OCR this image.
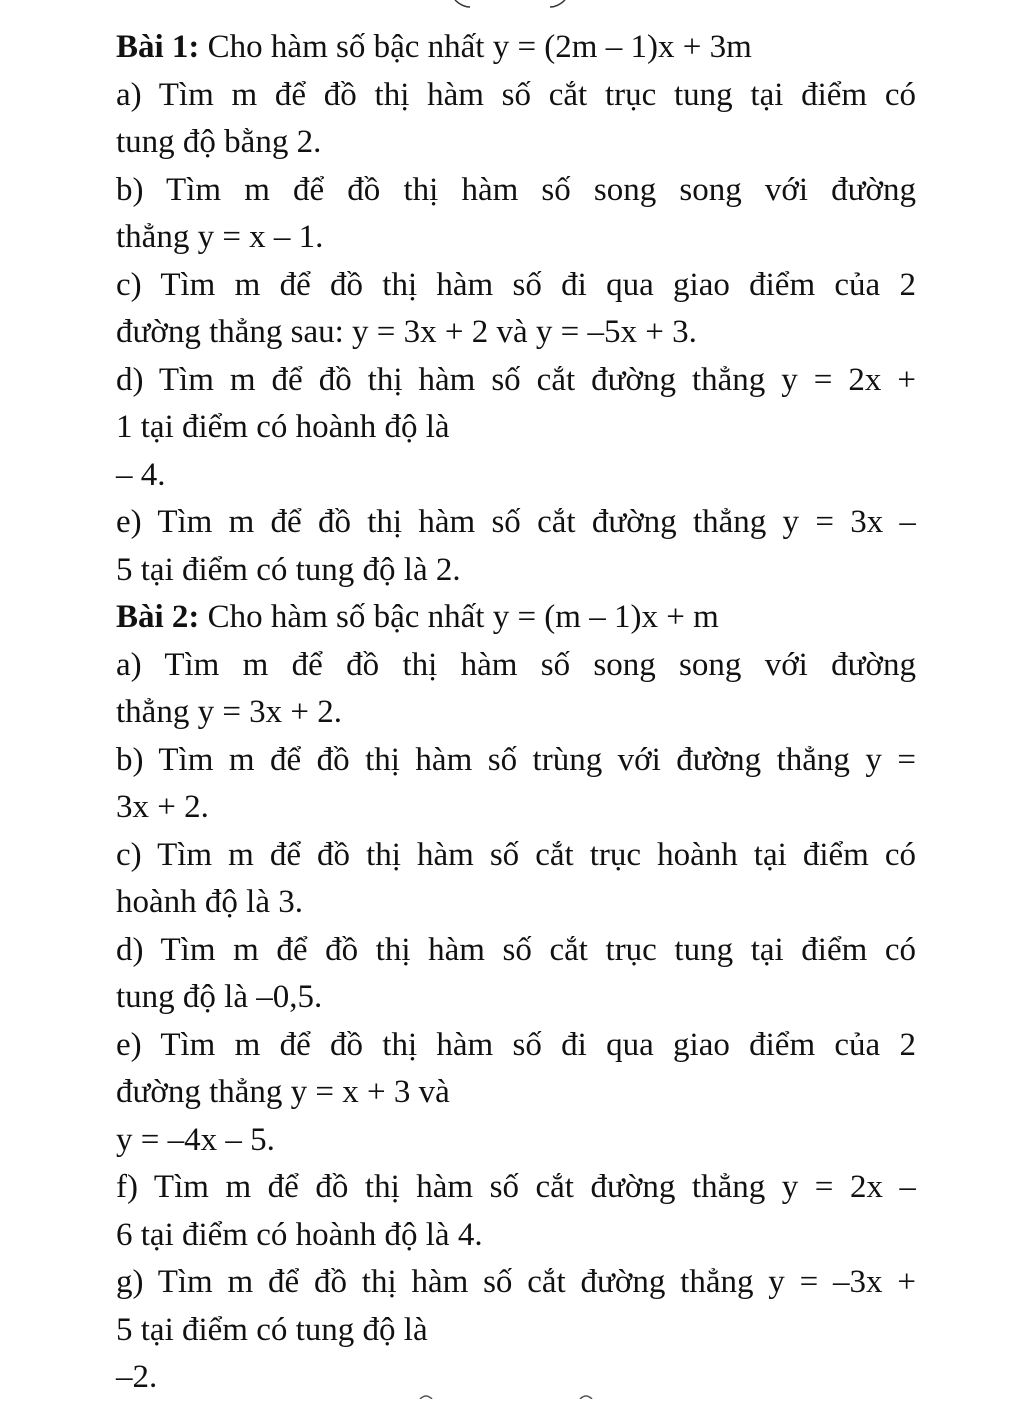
Bài 1: Cho hàm số bậc nhất y = (2m – 1)x + 3m
a) Tìm m để đồ thị hàm số cắt trục tung tại điểm có
tung độ bằng 2.
b) Tìm m để đồ thị hàm số song song với đường
thẳng y = x – 1.
c) Tìm m để đồ thị hàm số đi qua giao điểm của 2
đường thẳng sau: y = 3x + 2 và y = –5x + 3.
d) Tìm m để đồ thị hàm số cắt đường thẳng y = 2x +
1 tại điểm có hoành độ là
– 4.
e) Tìm m để đồ thị hàm số cắt đường thẳng y = 3x –
5 tại điểm có tung độ là 2.
Bài 2: Cho hàm số bậc nhất y = (m – 1)x + m
a) Tìm m để đồ thị hàm số song song với đường
thẳng y = 3x + 2.
b) Tìm m để đồ thị hàm số trùng với đường thẳng y =
3x + 2.
c) Tìm m để đồ thị hàm số cắt trục hoành tại điểm có
hoành độ là 3.
d) Tìm m để đồ thị hàm số cắt trục tung tại điểm có
tung độ là –0,5.
e) Tìm m để đồ thị hàm số đi qua giao điểm của 2
đường thẳng y = x + 3 và
y = –4x – 5.
f) Tìm m để đồ thị hàm số cắt đường thẳng y = 2x –
6 tại điểm có hoành độ là 4.
g) Tìm m để đồ thị hàm số cắt đường thẳng y = –3x +
5 tại điểm có tung độ là
–2.
